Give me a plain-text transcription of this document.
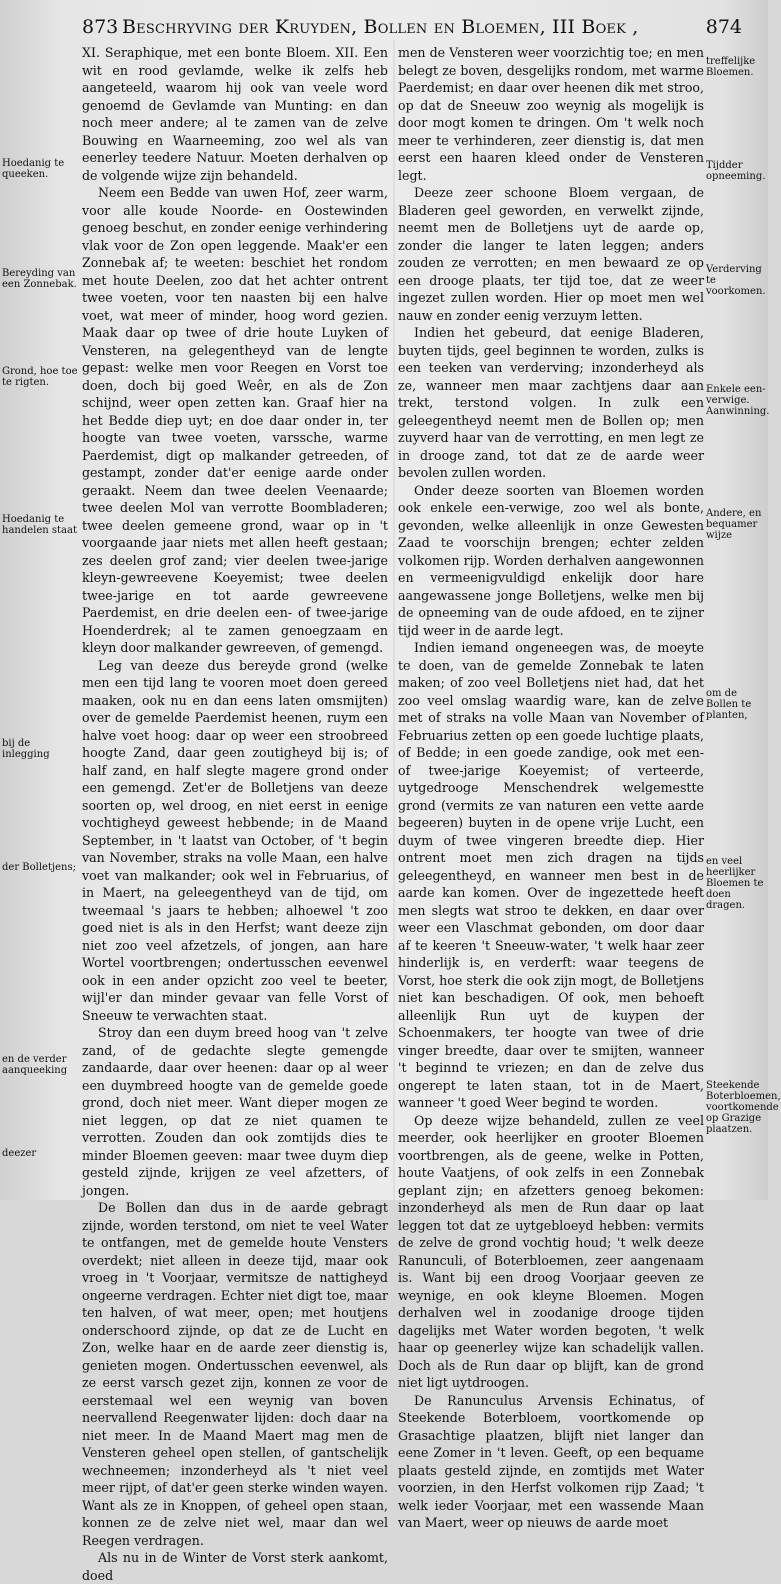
873 Beschryving der Kruyden, Bollen en Bloemen, III Boek ,	874

XI. Seraphique, met een bonte Bloem. XII. Een wit en rood gevlamde, welke ik zelfs heb aangeteeld, waarom hij ook van veele word genoemd de Gevlamde van Munting: en dan noch meer andere; al te zamen van de zelve Bouwing en Waarneeming, zoo wel als van eenerley teedere Natuur. Moeten derhalven op de volgende wijze zijn behandeld.

Neem een Bedde van uwen Hof, zeer warm, voor alle koude Noorde- en Oostewinden genoeg beschut, en zonder eenige verhindering vlak voor de Zon open leggende. Maak'er een Zonnebak af; te weeten: beschiet het rondom met houte Deelen, zoo dat het achter ontrent twee voeten, voor ten naasten bij een halve voet, wat meer of minder, hoog word gezien. Maak daar op twee of drie houte Luyken of Vensteren, na gelegentheyd van de lengte gepast: welke men voor Reegen en Vorst toe doen, doch bij goed Weêr, en als de Zon schijnd, weer open zetten kan. Graaf hier na het Bedde diep uyt; en doe daar onder in, ter hoogte van twee voeten, varssche, warme Paerdemist, digt op malkander getreeden, of gestampt, zonder dat'er eenige aarde onder geraakt. Neem dan twee deelen Veenaarde; twee deelen Mol van verrotte Boombladeren; twee deelen gemeene grond, waar op in 't voorgaande jaar niets met allen heeft gestaan; zes deelen grof zand; vier deelen twee-jarige kleyn-gewreevene Koeyemist; twee deelen twee-jarige en tot aarde gewreevene Paerdemist, en drie deelen een- of twee-jarige Hoenderdrek; al te zamen genoegzaam en kleyn door malkander gewreeven, of gemengd.

Leg van deeze dus bereyde grond (welke men een tijd lang te vooren moet doen gereed maaken, ook nu en dan eens laten omsmijten) over de gemelde Paerdemist heenen, ruym een halve voet hoog: daar op weer een stroobreed hoogte Zand, daar geen zoutigheyd bij is; of half zand, en half slegte magere grond onder een gemengd. Zet'er de Bolletjens van deeze soorten op, wel droog, en niet eerst in eenige vochtigheyd geweest hebbende; in de Maand September, in 't laatst van October, of 't begin van November, straks na volle Maan, een halve voet van malkander; ook wel in Februarius, of in Maert, na geleegentheyd van de tijd, om tweemaal 's jaars te hebben; alhoewel 't zoo goed niet is als in den Herfst; want deeze zijn niet zoo veel afzetzels, of jongen, aan hare Wortel voortbrengen; ondertusschen eevenwel ook in een ander opzicht zoo veel te beeter, wijl'er dan minder gevaar van felle Vorst of Sneeuw te verwachten staat.

Stroy dan een duym breed hoog van 't zelve zand, of de gedachte slegte gemengde zandaarde, daar over heenen: daar op al weer een duymbreed hoogte van de gemelde goede grond, doch niet meer. Want dieper mogen ze niet leggen, op dat ze niet quamen te verrotten. Zouden dan ook zomtijds dies te minder Bloemen geeven: maar twee duym diep gesteld zijnde, krijgen ze veel afzetters, of jongen.

De Bollen dan dus in de aarde gebragt zijnde, worden terstond, om niet te veel Water te ontfangen, met de gemelde houte Vensters overdekt; niet alleen in deeze tijd, maar ook vroeg in 't Voorjaar, vermitsze de nattigheyd ongeerne verdragen. Echter niet digt toe, maar ten halven, of wat meer, open; met houtjens onderschoord zijnde, op dat ze de Lucht en Zon, welke haar en de aarde zeer dienstig is, genieten mogen. Ondertusschen eevenwel, als ze eerst varsch gezet zijn, konnen ze voor de eerstemaal wel een weynig van boven neervallend Reegenwater lijden: doch daar na niet meer. In de Maand Maert mag men de Vensteren geheel open stellen, of gantschelijk wechneemen; inzonderheyd als 't niet veel meer rijpt, of dat'er geen sterke winden wayen. Want als ze in Knoppen, of geheel open staan, konnen ze de zelve niet wel, maar dan wel Reegen verdragen.

Als nu in de Winter de Vorst sterk aankomt, doed

men de Vensteren weer voorzichtig toe; en men belegt ze boven, desgelijks rondom, met warme Paerdemist; en daar over heenen dik met stroo, op dat de Sneeuw zoo weynig als mogelijk is door mogt komen te dringen. Om 't welk noch meer te verhinderen, zeer dienstig is, dat men eerst een haaren kleed onder de Vensteren legt.

Deeze zeer schoone Bloem vergaan, de Bladeren geel geworden, en verwelkt zijnde, neemt men de Bolletjens uyt de aarde op, zonder die langer te laten leggen; anders zouden ze verrotten; en men bewaard ze op een drooge plaats, ter tijd toe, dat ze weer ingezet zullen worden. Hier op moet men wel nauw en zonder eenig verzuym letten.

Indien het gebeurd, dat eenige Bladeren, buyten tijds, geel beginnen te worden, zulks is een teeken van verderving; inzonderheyd als ze, wanneer men maar zachtjens daar aan trekt, terstond volgen. In zulk een geleegentheyd neemt men de Bollen op; men zuyverd haar van de verrotting, en men legt ze in drooge zand, tot dat ze de aarde weer bevolen zullen worden.

Onder deeze soorten van Bloemen worden ook enkele een-verwige, zoo wel als bonte, gevonden, welke alleenlijk in onze Gewesten Zaad te voorschijn brengen; echter zelden volkomen rijp. Worden derhalven aangewonnen en vermeenigvuldigd enkelijk door hare aangewassene jonge Bolletjens, welke men bij de opneeming van de oude afdoed, en te zijner tijd weer in de aarde legt.

Indien iemand ongeneegen was, de moeyte te doen, van de gemelde Zonnebak te laten maken; of zoo veel Bolletjens niet had, dat het zoo veel omslag waardig ware, kan de zelve met of straks na volle Maan van November of Februarius zetten op een goede luchtige plaats, of Bedde; in een goede zandige, ook met een- of twee-jarige Koeyemist; of verteerde, uytgedrooge Menschendrek welgemestte grond (vermits ze van naturen een vette aarde begeeren) buyten in de opene vrije Lucht, een duym of twee vingeren breedte diep. Hier ontrent moet men zich dragen na tijds geleegentheyd, en wanneer men best in de aarde kan komen. Over de ingezettede heeft men slegts wat stroo te dekken, en daar over weer een Vlaschmat gebonden, om door daar af te keeren 't Sneeuw-water, 't welk haar zeer hinderlijk is, en verderft: waar teegens de Vorst, hoe sterk die ook zijn mogt, de Bolletjens niet kan beschadigen. Of ook, men behoeft alleenlijk Run uyt de kuypen der Schoenmakers, ter hoogte van twee of drie vinger breedte, daar over te smijten, wanneer 't beginnd te vriezen; en dan de zelve dus ongerept te laten staan, tot in de Maert, wanneer 't goed Weer begind te worden.

Op deeze wijze behandeld, zullen ze veel meerder, ook heerlijker en grooter Bloemen voortbrengen, als de geene, welke in Potten, houte Vaatjens, of ook zelfs in een Zonnebak geplant zijn; en afzetters genoeg bekomen: inzonderheyd als men de Run daar op laat leggen tot dat ze uytgebloeyd hebben: vermits de zelve de grond vochtig houd; 't welk deeze Ranunculi, of Boterbloemen, zeer aangenaam is. Want bij een droog Voorjaar geeven ze weynige, en ook kleyne Bloemen. Mogen derhalven wel in zoodanige drooge tijden dagelijks met Water worden begoten, 't welk haar op geenerley wijze kan schadelijk vallen. Doch als de Run daar op blijft, kan de grond niet ligt uytdroogen.

De Ranunculus Arvensis Echinatus, of Steekende Boterbloem, voortkomende op Grasachtige plaatzen, blijft niet langer dan eene Zomer in 't leven. Geeft, op een bequame plaats gesteld zijnde, en zomtijds met Water voorzien, in den Herfst volkomen rijp Zaad; 't welk ieder Voorjaar, met een wassende Maan van Maert, weer op nieuws de aarde moet

Hoedanig te queeken.
Bereyding van een Zonnebak.
Grond, hoe toe te rigten.
Hoedanig te handelen staat
bij de inlegging
der Bolletjens;
en de verder aanqueeking
deezer
treffelijke Bloemen.
Tijdder opneeming.
Verderving te voorkomen.
Enkele een-verwige. Aanwinning.
Andere, en bequamer wijze
om de Bollen te planten,
en veel heerlijker Bloemen te doen dragen.
Steekende Boterbloemen, voortkomende op Grazige plaatzen.
